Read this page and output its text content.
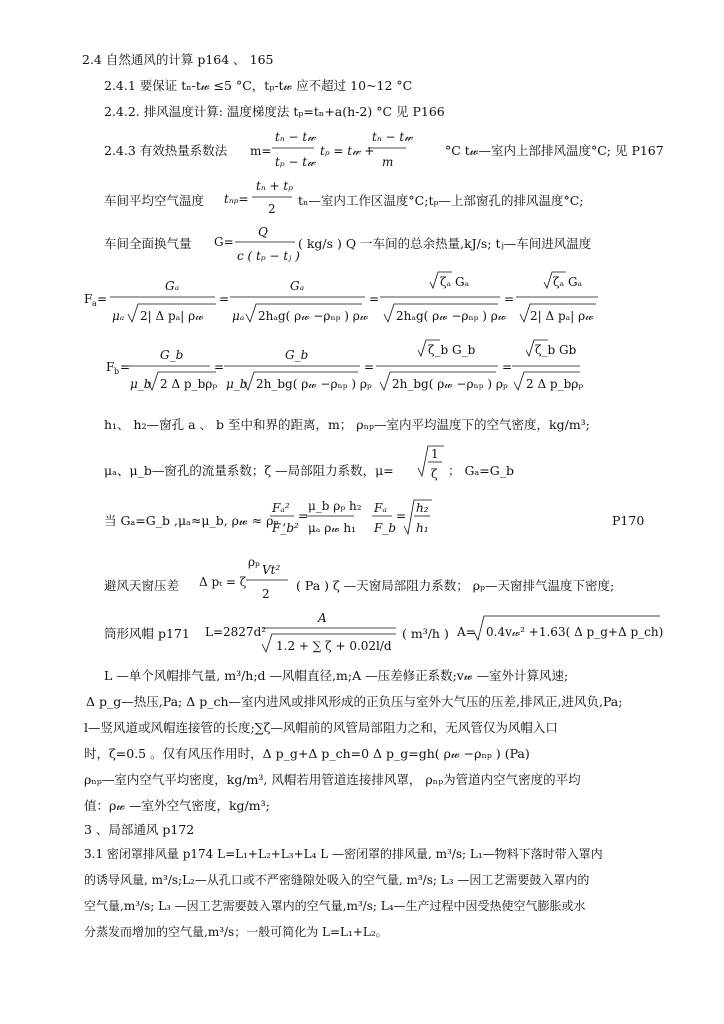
2.4 自然通风的计算 p164 、 165
2.4.1 要保证 tₙ-t𝓌 ≤5 °C，tₚ-t𝓌 应不超过 10~12 °C
2.4.2. 排风温度计算: 温度梯度法 tₚ=tₙ+a(h-2) °C 见 P166
2.4.3 有效热量系数法 m=
tₙ − t𝓌
tₚ − t𝓌
tₚ = t𝓌 +
tₙ − t𝓌
m
tₙₚ=
tₙ + tₚ
2
G=
Q
c ( tₚ − tⱼ )
F a =
Gₐ
μₐ 2| Δ pₐ| ρ𝓌
=
Gₐ
μₐ 2hₐg( ρ𝓌 −ρₙₚ ) ρ𝓌
=
ζₐ Gₐ
2hₐg( ρ𝓌 −ρₙₚ ) ρ𝓌
=
ζₐ Gₐ
2| Δ pₐ| ρ𝓌
F b =
G_b
μ_b 2 Δ p_bρₚ
=
G_b
μ_b 2h_bg( ρ𝓌 −ρₙₚ ) ρₚ
=
ζ_b G_b
2h_bg( ρ𝓌 −ρₙₚ ) ρₚ
=
ζ_b Gb
2 Δ p_bρₚ
1
ζ
Fₐ²
F_b²
=
μ_b ρₚ h₂
μₐ ρ𝓌 h₁
Fₐ
F_b
=
h₂
h₁
Δ pₜ = ζ
ρₚ
Vt²
2
L=2827d²
A
1.2 + ∑ ζ + 0.02l/d
A= 0.4v𝓌² +1.63( Δ p_g+Δ p_ch)
°C t𝓌—室内上部排风温度°C; 见 P167
车间平均空气温度	tₙ—室内工作区温度°C;tₚ—上部窗孔的排风温度°C;
车间全面换气量	( kg/s ) Q 一车间的总余热量,kJ/s; tⱼ—车间进风温度
h₁、 h₂—窗孔 a 、 b 至中和界的距离，m； ρₙₚ—室内平均温度下的空气密度，kg/m³;
μₐ、μ_b—窗孔的流量系数；ζ —局部阻力系数，μ=	； Gₐ=G_b
当 Gₐ=G_b ,μₐ≈μ_b, ρ𝓌 ≈ ρₚ ,	P170
避风天窗压差	( Pa ) ζ —天窗局部阻力系数； ρₚ—天窗排气温度下密度;
筒形风帽 p171	( m³/h )
L —单个风帽排气量, m³/h;d —风帽直径,m;A —压差修正系数;v𝓌 —室外计算风速;
Δ p_g—热压,Pa; Δ p_ch—室内进风或排风形成的正负压与室外大气压的压差,排风正,进风负,Pa;
l—竖风道或风帽连接管的长度;∑ζ—风帽前的风管局部阻力之和，无风管仅为风帽入口
时，ζ=0.5 。仅有风压作用时，Δ p_g+Δ p_ch=0 Δ p_g=gh( ρ𝓌 −ρₙₚ ) (Pa)
ρₙₚ—室内空气平均密度，kg/m³, 风帽若用管道连接排风罩， ρₙₚ为管道内空气密度的平均
值：ρ𝓌 —室外空气密度，kg/m³;
3 、局部通风 p172
3.1 密闭罩排风量 p174 L=L₁+L₂+L₃+L₄ L —密闭罩的排风量, m³/s; L₁—物料下落时带入罩内
的诱导风量, m³/s;L₂—从孔口或不严密缝隙处吸入的空气量, m³/s; L₃ —因工艺需要鼓入罩内的
空气量,m³/s; L₃ —因工艺需要鼓入罩内的空气量,m³/s; L₄—生产过程中因受热使空气膨胀或水
分蒸发而增加的空气量,m³/s；一般可简化为 L=L₁+L₂。
